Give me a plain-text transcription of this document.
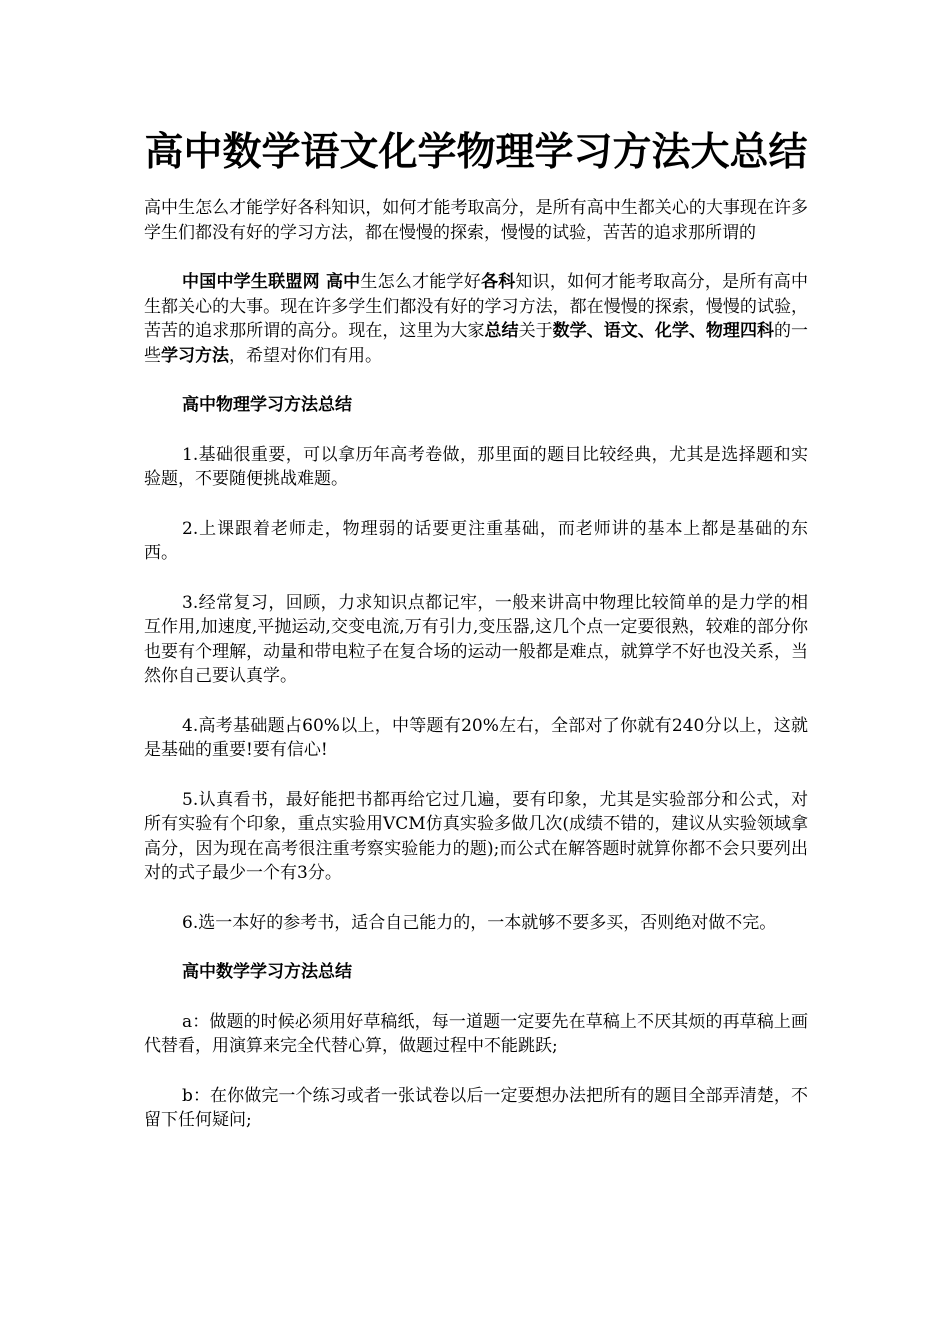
高中数学语文化学物理学习方法大总结

高中生怎么才能学好各科知识，如何才能考取高分，是所有高中生都关心的大事现在许多学生们都没有好的学习方法，都在慢慢的探索，慢慢的试验，苦苦的追求那所谓的

中国中学生联盟网 高中生怎么才能学好各科知识，如何才能考取高分，是所有高中生都关心的大事。现在许多学生们都没有好的学习方法，都在慢慢的探索，慢慢的试验，苦苦的追求那所谓的高分。现在，这里为大家总结关于数学、语文、化学、物理四科的一些学习方法，希望对你们有用。

高中物理学习方法总结

1.基础很重要，可以拿历年高考卷做，那里面的题目比较经典，尤其是选择题和实验题，不要随便挑战难题。

2.上课跟着老师走，物理弱的话要更注重基础，而老师讲的基本上都是基础的东西。

3.经常复习，回顾，力求知识点都记牢，一般来讲高中物理比较简单的是力学的相互作用,加速度,平抛运动,交变电流,万有引力,变压器,这几个点一定要很熟，较难的部分你也要有个理解，动量和带电粒子在复合场的运动一般都是难点，就算学不好也没关系，当然你自己要认真学。

4.高考基础题占60%以上，中等题有20%左右，全部对了你就有240分以上，这就是基础的重要!要有信心!

5.认真看书，最好能把书都再给它过几遍，要有印象，尤其是实验部分和公式，对所有实验有个印象，重点实验用VCM仿真实验多做几次(成绩不错的，建议从实验领域拿高分，因为现在高考很注重考察实验能力的题);而公式在解答题时就算你都不会只要列出对的式子最少一个有3分。

6.选一本好的参考书，适合自己能力的，一本就够不要多买，否则绝对做不完。

高中数学学习方法总结

a：做题的时候必须用好草稿纸，每一道题一定要先在草稿上不厌其烦的再草稿上画代替看，用演算来完全代替心算，做题过程中不能跳跃;

b：在你做完一个练习或者一张试卷以后一定要想办法把所有的题目全部弄清楚，不留下任何疑问;
